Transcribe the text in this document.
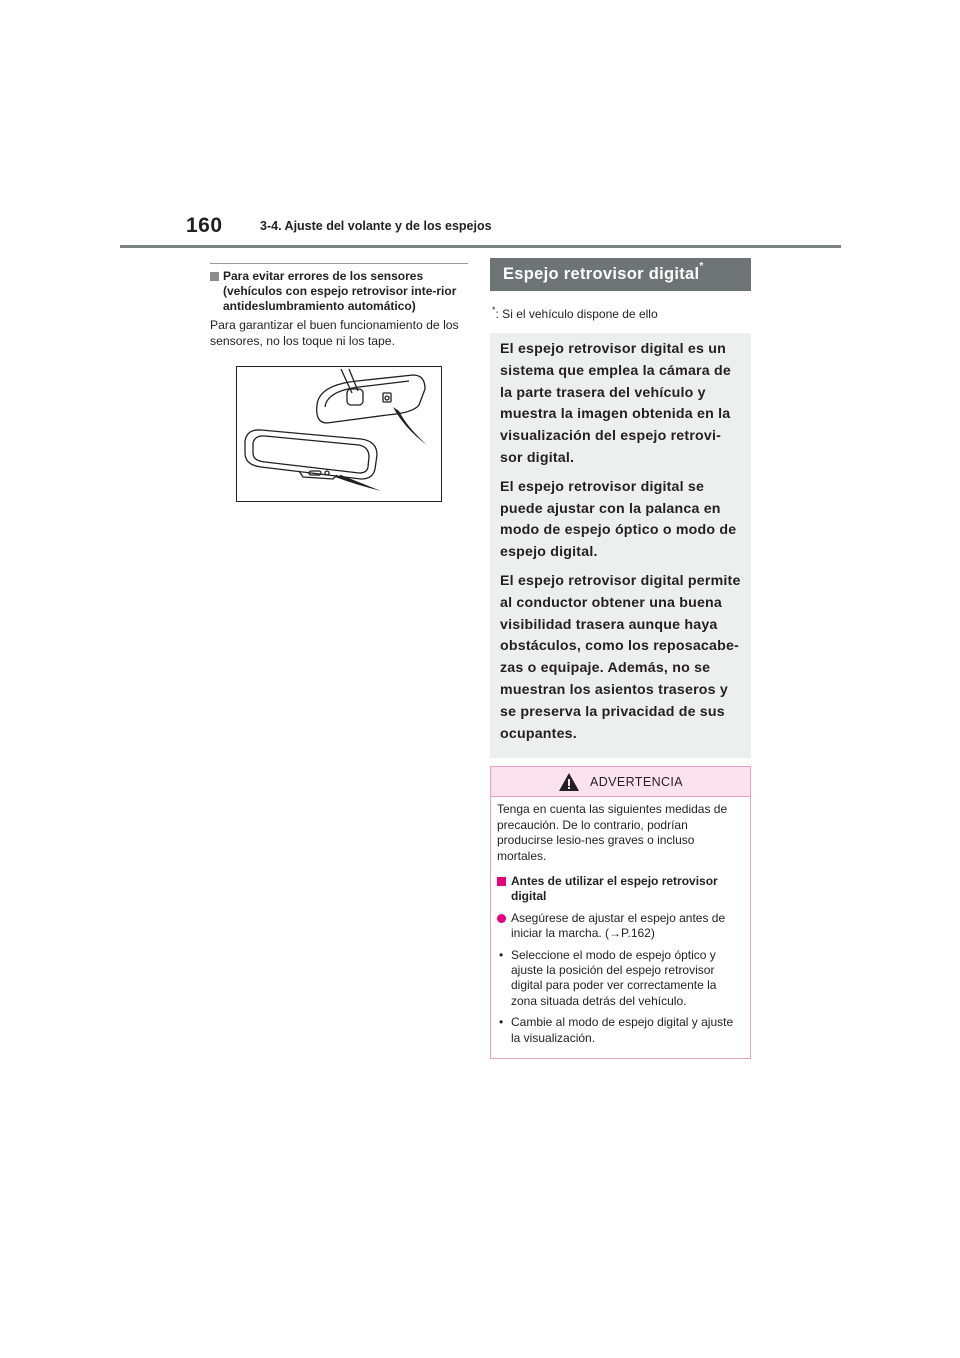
160	3-4. Ajuste del volante y de los espejos
Para evitar errores de los sensores (vehículos con espejo retrovisor inte-rior antideslumbramiento automático)

Para garantizar el buen funcionamiento de los sensores, no los toque ni los tape.

Espejo retrovisor digital*
*: Si el vehículo dispone de ello

El espejo retrovisor digital es un sistema que emplea la cámara de la parte trasera del vehículo y muestra la imagen obtenida en la visualización del espejo retrovi-sor digital.

El espejo retrovisor digital se puede ajustar con la palanca en modo de espejo óptico o modo de espejo digital.

El espejo retrovisor digital permite al conductor obtener una buena visibilidad trasera aunque haya obstáculos, como los reposacabe-zas o equipaje. Además, no se muestran los asientos traseros y se preserva la privacidad de sus ocupantes.

ADVERTENCIA

Tenga en cuenta las siguientes medidas de precaución. De lo contrario, podrían producirse lesio-nes graves o incluso mortales.

Antes de utilizar el espejo retrovisor digital
Asegúrese de ajustar el espejo antes de iniciar la marcha. (→P.162)
• Seleccione el modo de espejo óptico y ajuste la posición del espejo retrovisor digital para poder ver correctamente la zona situada detrás del vehículo.
• Cambie al modo de espejo digital y ajuste la visualización.
